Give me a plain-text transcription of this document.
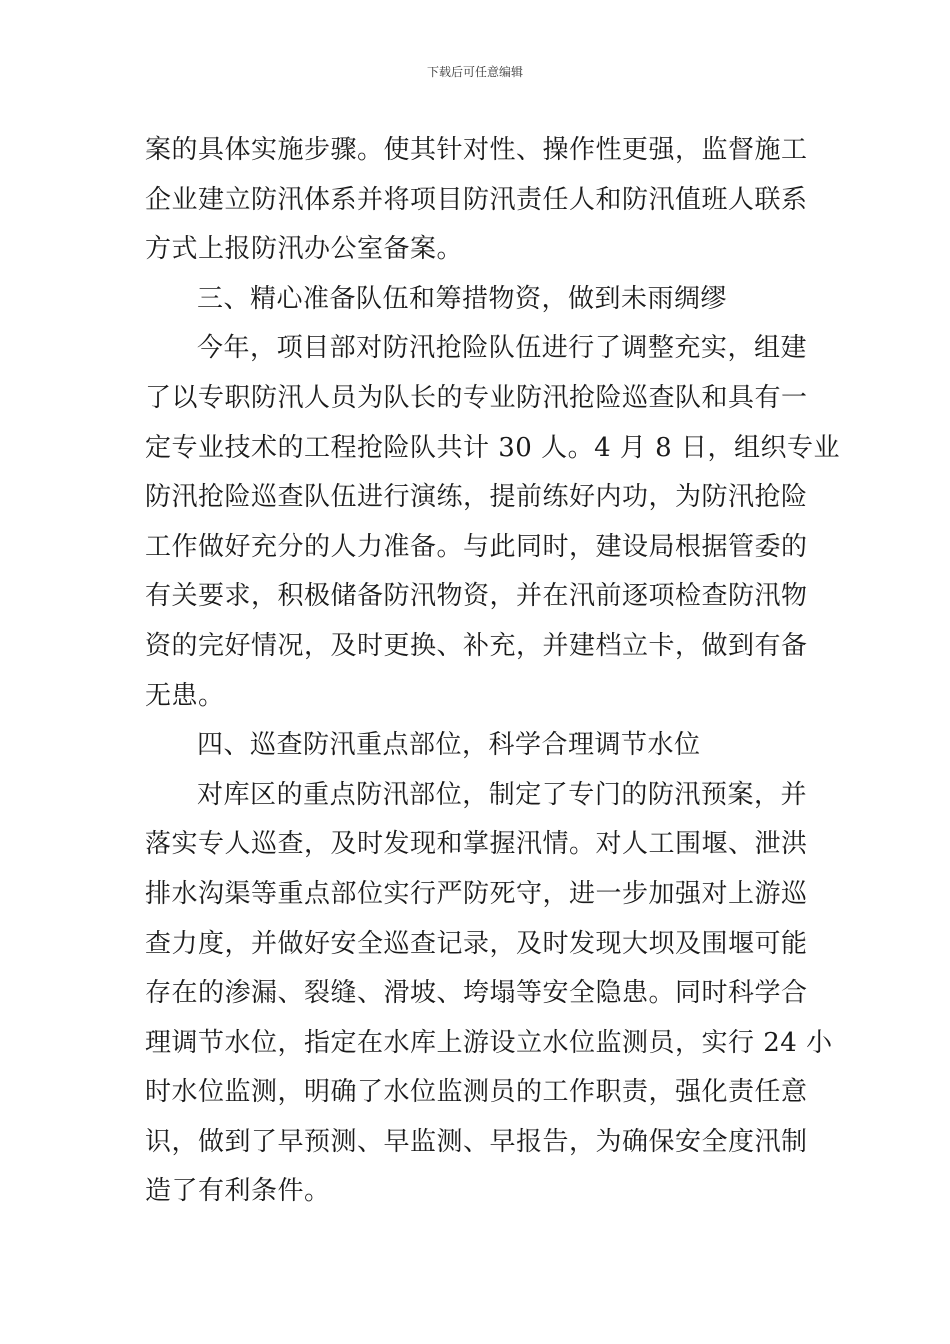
下载后可任意编辑
案的具体实施步骤。使其针对性、操作性更强，监督施工
企业建立防汛体系并将项目防汛责任人和防汛值班人联系
方式上报防汛办公室备案。
三、精心准备队伍和筹措物资，做到未雨绸缪
今年，项目部对防汛抢险队伍进行了调整充实，组建
了以专职防汛人员为队长的专业防汛抢险巡查队和具有一
定专业技术的工程抢险队共计 30 人。4 月 8 日，组织专业
防汛抢险巡查队伍进行演练，提前练好内功，为防汛抢险
工作做好充分的人力准备。与此同时，建设局根据管委的
有关要求，积极储备防汛物资，并在汛前逐项检查防汛物
资的完好情况，及时更换、补充，并建档立卡，做到有备
无患。
四、巡查防汛重点部位，科学合理调节水位
对库区的重点防汛部位，制定了专门的防汛预案，并
落实专人巡查，及时发现和掌握汛情。对人工围堰、泄洪
排水沟渠等重点部位实行严防死守，进一步加强对上游巡
查力度，并做好安全巡查记录，及时发现大坝及围堰可能
存在的渗漏、裂缝、滑坡、垮塌等安全隐患。同时科学合
理调节水位，指定在水库上游设立水位监测员，实行 24 小
时水位监测，明确了水位监测员的工作职责，强化责任意
识，做到了早预测、早监测、早报告，为确保安全度汛制
造了有利条件。
